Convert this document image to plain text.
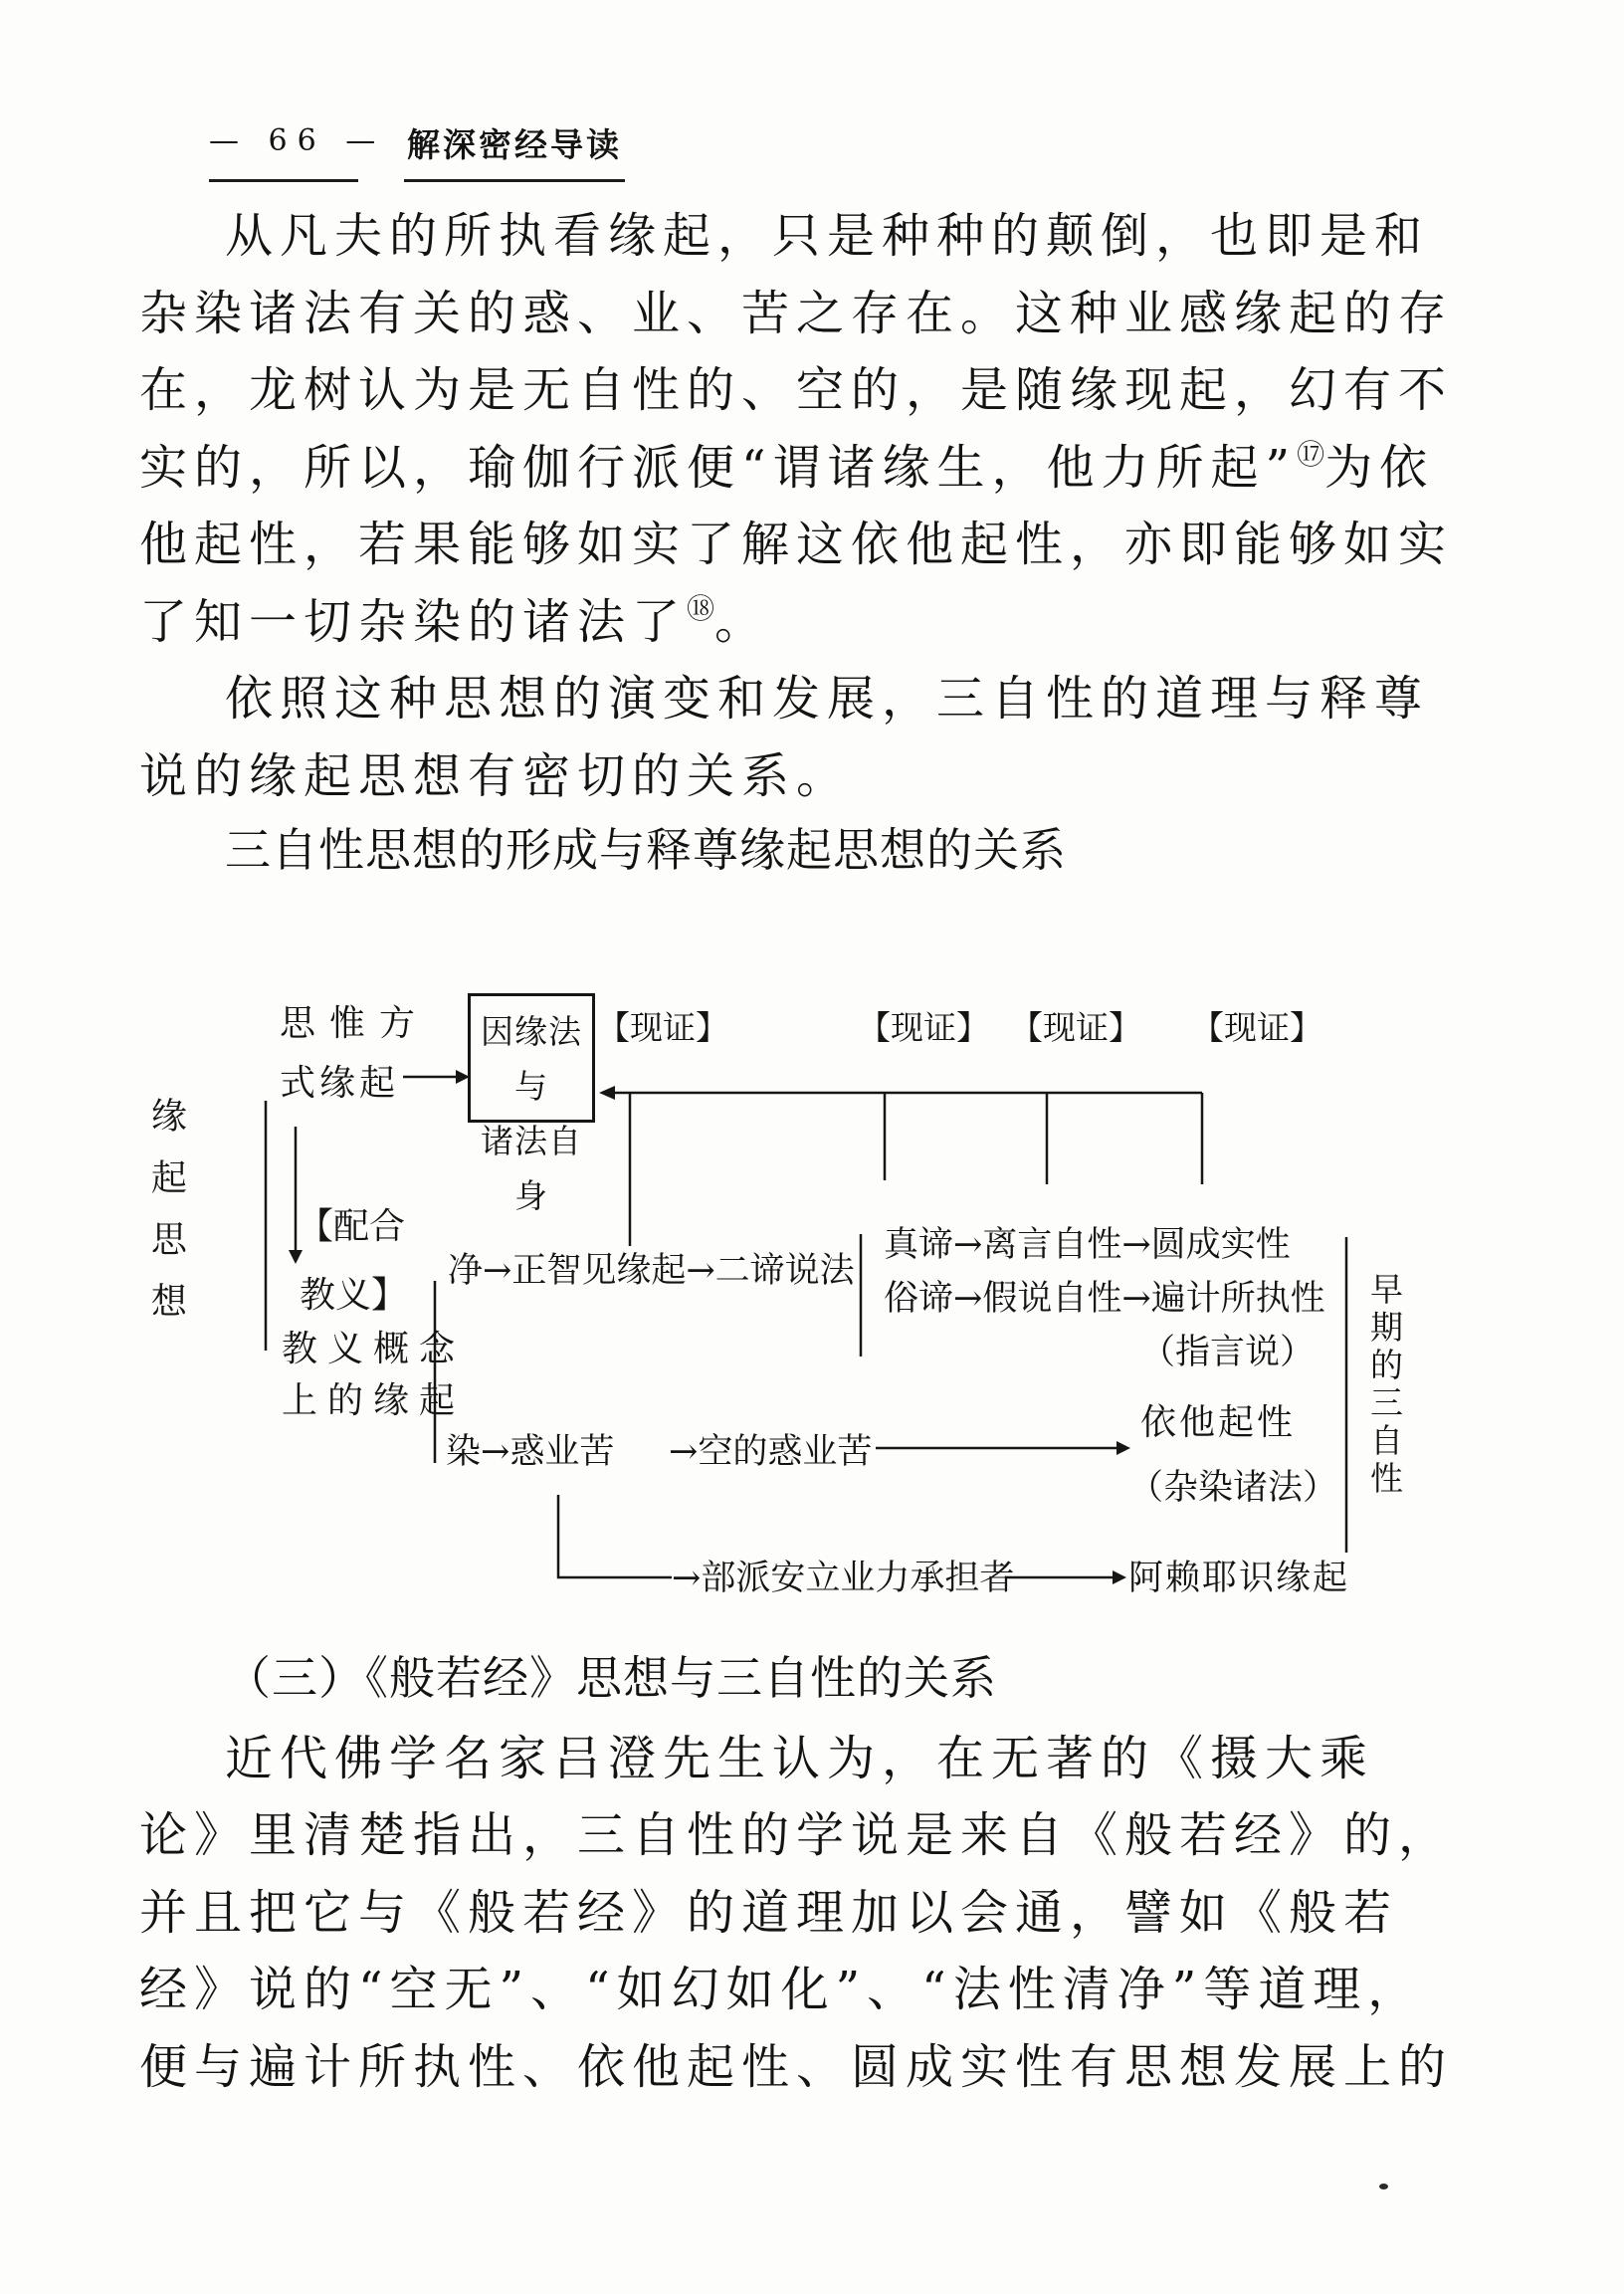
— 66 — 解深密经导读
从凡夫的所执看缘起，只是种种的颠倒，也即是和
杂染诸法有关的惑、业、苦之存在。这种业感缘起的存
在，龙树认为是无自性的、空的，是随缘现起，幻有不
实的，所以，瑜伽行派便“谓诸缘生，他力所起”⑰为依
他起性，若果能够如实了解这依他起性，亦即能够如实
了知一切杂染的诸法了⑱。
依照这种思想的演变和发展，三自性的道理与释尊
说的缘起思想有密切的关系。
三自性思想的形成与释尊缘起思想的关系
缘起思想
思惟方
式缘起
因缘法与
诸法自身
【现证】	【现证】 【现证】 【现证】
【配合
教义】
教义概念
上的缘起
净→正智见缘起→二谛说法
真谛→离言自性→圆成实性
俗谛→假说自性→遍计所执性
（指言说）
依他起性
（杂染诸法）
染→惑业苦 →空的惑业苦
→部派安立业力承担者	阿赖耶识缘起
早期的三自性
（三）《般若经》思想与三自性的关系
近代佛学名家吕澄先生认为，在无著的《摄大乘
论》里清楚指出，三自性的学说是来自《般若经》的，
并且把它与《般若经》的道理加以会通，譬如《般若
经》说的“空无”、“如幻如化”、“法性清净”等道理，
便与遍计所执性、依他起性、圆成实性有思想发展上的
